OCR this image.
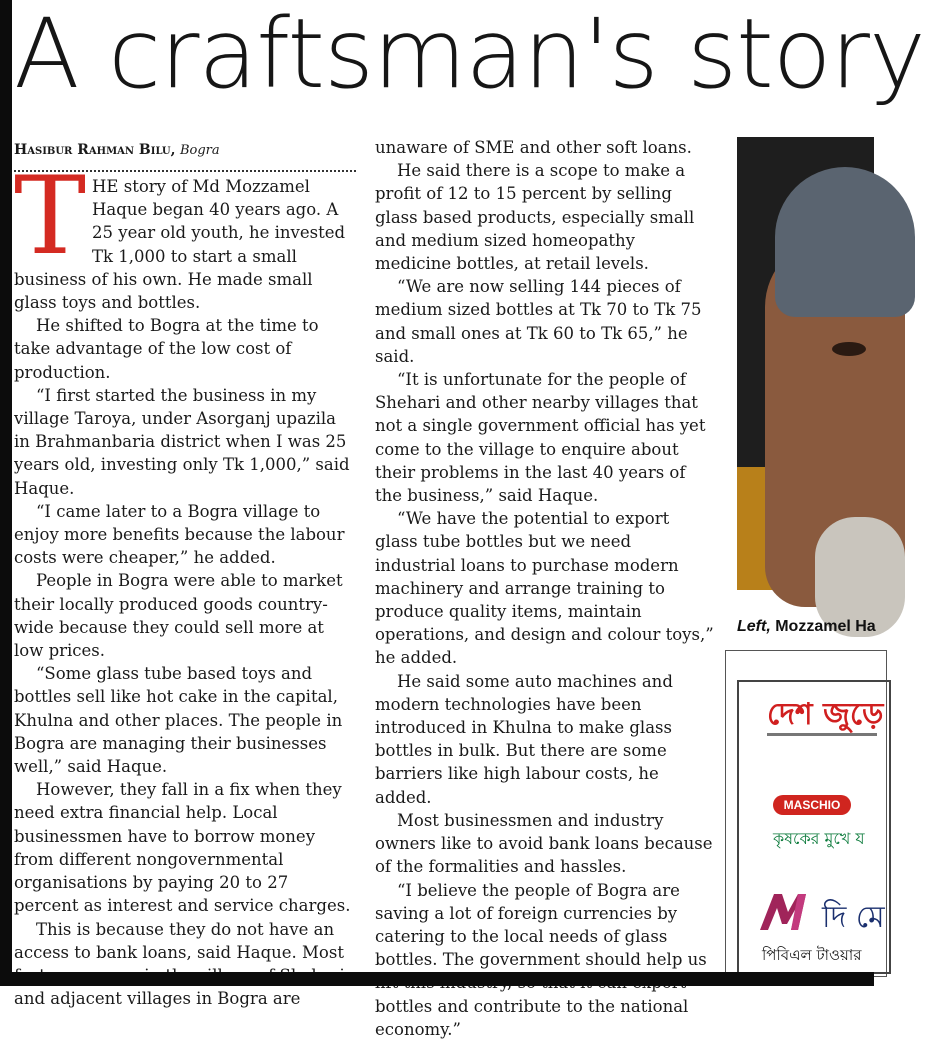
A craftsman's story
Hasibur Rahman Bilu, Bogra

THE story of Md Mozzamel Haque began 40 years ago. A 25 year old youth, he invested Tk 1,000 to start a small business of his own. He made small glass toys and bottles.

He shifted to Bogra at the time to take advantage of the low cost of production.

“I first started the business in my village Taroya, under Asorganj upazila in Brahmanbaria district when I was 25 years old, investing only Tk 1,000,” said Haque.

“I came later to a Bogra village to enjoy more benefits because the labour costs were cheaper,” he added.

People in Bogra were able to market their locally produced goods country-wide because they could sell more at low prices.

“Some glass tube based toys and bottles sell like hot cake in the capital, Khulna and other places. The people in Bogra are managing their businesses well,” said Haque.

However, they fall in a fix when they need extra financial help. Local businessmen have to borrow money from different nongovernmental organisations by paying 20 to 27 percent as interest and service charges.

This is because they do not have an access to bank loans, said Haque. Most and adjacent villages in Bogra are

unaware of SME and other soft loans.

He said there is a scope to make a profit of 12 to 15 percent by selling glass based products, especially small and medium sized homeopathy medicine bottles, at retail levels.

“We are now selling 144 pieces of medium sized bottles at Tk 70 to Tk 75 and small ones at Tk 60 to Tk 65,” he said.

“It is unfortunate for the people of Shehari and other nearby villages that not a single government official has yet come to the village to enquire about their problems in the last 40 years of the business,” said Haque.

“We have the potential to export glass tube bottles but we need industrial loans to purchase modern machinery and arrange training to produce quality items, maintain operations, and design and colour toys,” he added.

He said some auto machines and modern technologies have been introduced in Khulna to make glass bottles in bulk. But there are some barriers like high labour costs, he added.

Most businessmen and industry owners like to avoid bank loans because of the formalities and hassles.

“I believe the people of Bogra are saving a lot of foreign currencies by catering to the local needs of glass bottles. The government should help us bottles and contribute to the national economy.”

Left, Mozzamel Ha
দেশ জুড়ে
MASCHIO
কৃষকের মুখে য
দি মে
পিবিএল টাওয়ার
